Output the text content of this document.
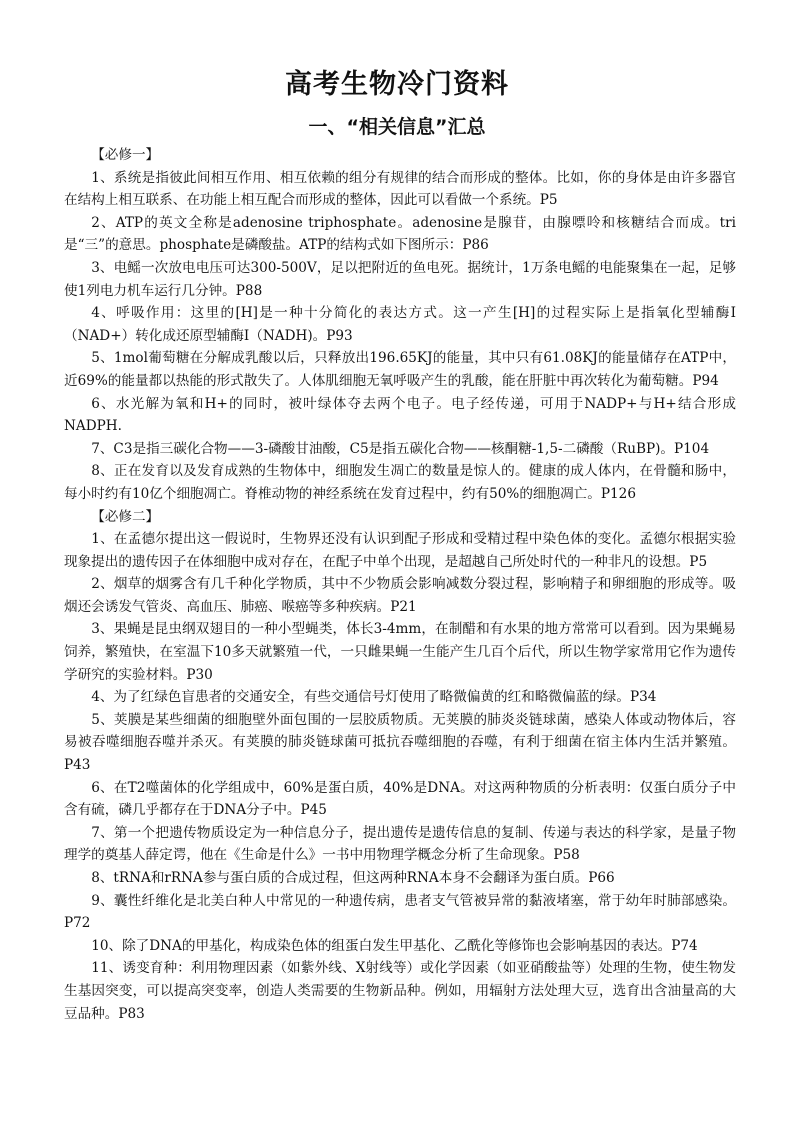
高考生物冷门资料
一、“相关信息”汇总

【必修一】

1、系统是指彼此间相互作用、相互依赖的组分有规律的结合而形成的整体。比如，你的身体是由许多器官在结构上相互联系、在功能上相互配合而形成的整体，因此可以看做一个系统。P5

2、ATP的英文全称是adenosine triphosphate。adenosine是腺苷，由腺嘌呤和核糖结合而成。tri是“三”的意思。phosphate是磷酸盐。ATP的结构式如下图所示：P86

3、电鳐一次放电电压可达300-500V，足以把附近的鱼电死。据统计，1万条电鳐的电能聚集在一起，足够使1列电力机车运行几分钟。P88

4、呼吸作用：这里的[H]是一种十分简化的表达方式。这一产生[H]的过程实际上是指氧化型辅酶Ⅰ（NAD+）转化成还原型辅酶Ⅰ（NADH)。P93

5、1mol葡萄糖在分解成乳酸以后，只释放出196.65KJ的能量，其中只有61.08KJ的能量储存在ATP中，近69%的能量都以热能的形式散失了。人体肌细胞无氧呼吸产生的乳酸，能在肝脏中再次转化为葡萄糖。P94

6、水光解为氧和H+的同时，被叶绿体夺去两个电子。电子经传递，可用于NADP+与H+结合形成NADPH.

7、C3是指三碳化合物——3-磷酸甘油酸，C5是指五碳化合物——核酮糖-1,5-二磷酸（RuBP)。P104

8、正在发育以及发育成熟的生物体中，细胞发生凋亡的数量是惊人的。健康的成人体内，在骨髓和肠中，每小时约有10亿个细胞凋亡。脊椎动物的神经系统在发育过程中，约有50%的细胞凋亡。P126

【必修二】

1、在孟德尔提出这一假说时，生物界还没有认识到配子形成和受精过程中染色体的变化。孟德尔根据实验现象提出的遗传因子在体细胞中成对存在，在配子中单个出现，是超越自己所处时代的一种非凡的设想。P5

2、烟草的烟雾含有几千种化学物质，其中不少物质会影响减数分裂过程，影响精子和卵细胞的形成等。吸烟还会诱发气管炎、高血压、肺癌、喉癌等多种疾病。P21

3、果蝇是昆虫纲双翅目的一种小型蝇类，体长3-4mm，在制醋和有水果的地方常常可以看到。因为果蝇易饲养，繁殖快，在室温下10多天就繁殖一代，一只雌果蝇一生能产生几百个后代，所以生物学家常用它作为遗传学研究的实验材料。P30

4、为了红绿色盲患者的交通安全，有些交通信号灯使用了略微偏黄的红和略微偏蓝的绿。P34

5、荚膜是某些细菌的细胞壁外面包围的一层胶质物质。无荚膜的肺炎炎链球菌，感染人体或动物体后，容易被吞噬细胞吞噬并杀灭。有荚膜的肺炎链球菌可抵抗吞噬细胞的吞噬，有利于细菌在宿主体内生活并繁殖。P43

6、在T2噬菌体的化学组成中，60%是蛋白质，40%是DNA。对这两种物质的分析表明：仅蛋白质分子中含有硫，磷几乎都存在于DNA分子中。P45

7、第一个把遗传物质设定为一种信息分子，提出遗传是遗传信息的复制、传递与表达的科学家，是量子物理学的奠基人薛定谔，他在《生命是什么》一书中用物理学概念分析了生命现象。P58

8、tRNA和rRNA参与蛋白质的合成过程，但这两种RNA本身不会翻译为蛋白质。P66

9、囊性纤维化是北美白种人中常见的一种遗传病，患者支气管被异常的黏液堵塞，常于幼年时肺部感染。P72

10、除了DNA的甲基化，构成染色体的组蛋白发生甲基化、乙酰化等修饰也会影响基因的表达。P74

11、诱变育种：利用物理因素（如紫外线、X射线等）或化学因素（如亚硝酸盐等）处理的生物，使生物发生基因突变，可以提高突变率，创造人类需要的生物新品种。例如，用辐射方法处理大豆，选育出含油量高的大豆品种。P83
